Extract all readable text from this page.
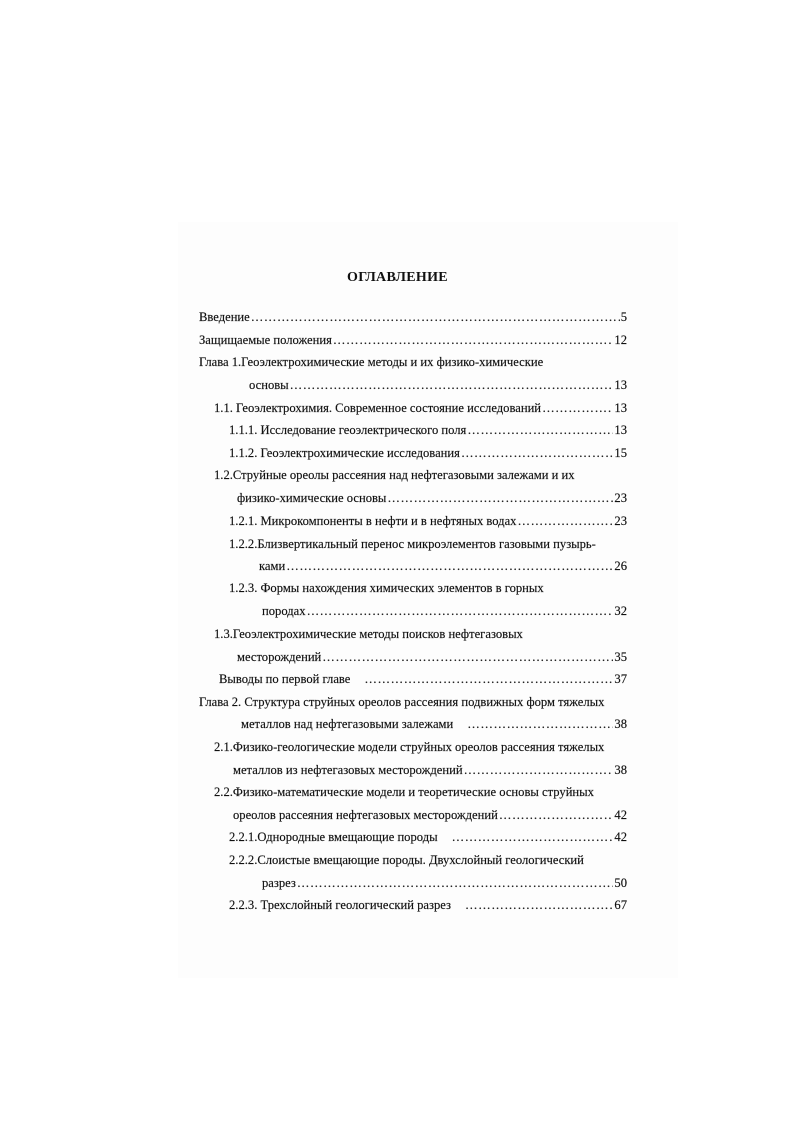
ОГЛАВЛЕНИЕ
Введение ……………………………………………………………………………………………………………………………………………………………………	5
Защищаемые положения ……………………………………………………………………………………………………………………………………………………………………	12
Глава 1.Геоэлектрохимические методы и их физико-химические
основы ……………………………………………………………………………………………………………………………………………………………………	13
1.1. Геоэлектрохимия. Современное состояние исследований ……………………………………………………………………………………………………………………………………………………………………	13
1.1.1. Исследование геоэлектрического поля ……………………………………………………………………………………………………………………………………………………………………	13
1.1.2. Геоэлектрохимические исследования ……………………………………………………………………………………………………………………………………………………………………	15
1.2.Струйные ореолы рассеяния над нефтегазовыми залежами и их
физико-химические основы ……………………………………………………………………………………………………………………………………………………………………	23
1.2.1. Микрокомпоненты в нефти и в нефтяных водах ……………………………………………………………………………………………………………………………………………………………………	23
1.2.2.Близвертикальный перенос микроэлементов газовыми пузырь-
ками ……………………………………………………………………………………………………………………………………………………………………	26
1.2.3. Формы нахождения химических элементов в горных
породах ……………………………………………………………………………………………………………………………………………………………………	32
1.3.Геоэлектрохимические методы поисков нефтегазовых
месторождений ……………………………………………………………………………………………………………………………………………………………………	35
Выводы по первой главе ……………………………………………………………………………………………………………………………………………………………………	37
Глава 2. Структура струйных ореолов рассеяния подвижных форм тяжелых
металлов над нефтегазовыми залежами ……………………………………………………………………………………………………………………………………………………………………	38
2.1.Физико-геологические модели струйных ореолов рассеяния тяжелых
металлов из нефтегазовых месторождений ……………………………………………………………………………………………………………………………………………………………………	38
2.2.Физико-математические модели и теоретические основы струйных
ореолов рассеяния нефтегазовых месторождений ……………………………………………………………………………………………………………………………………………………………………	42
2.2.1.Однородные вмещающие породы ……………………………………………………………………………………………………………………………………………………………………	42
2.2.2.Слоистые вмещающие породы. Двухслойный геологический
разрез ……………………………………………………………………………………………………………………………………………………………………	50
2.2.3. Трехслойный геологический разрез ……………………………………………………………………………………………………………………………………………………………………	67
